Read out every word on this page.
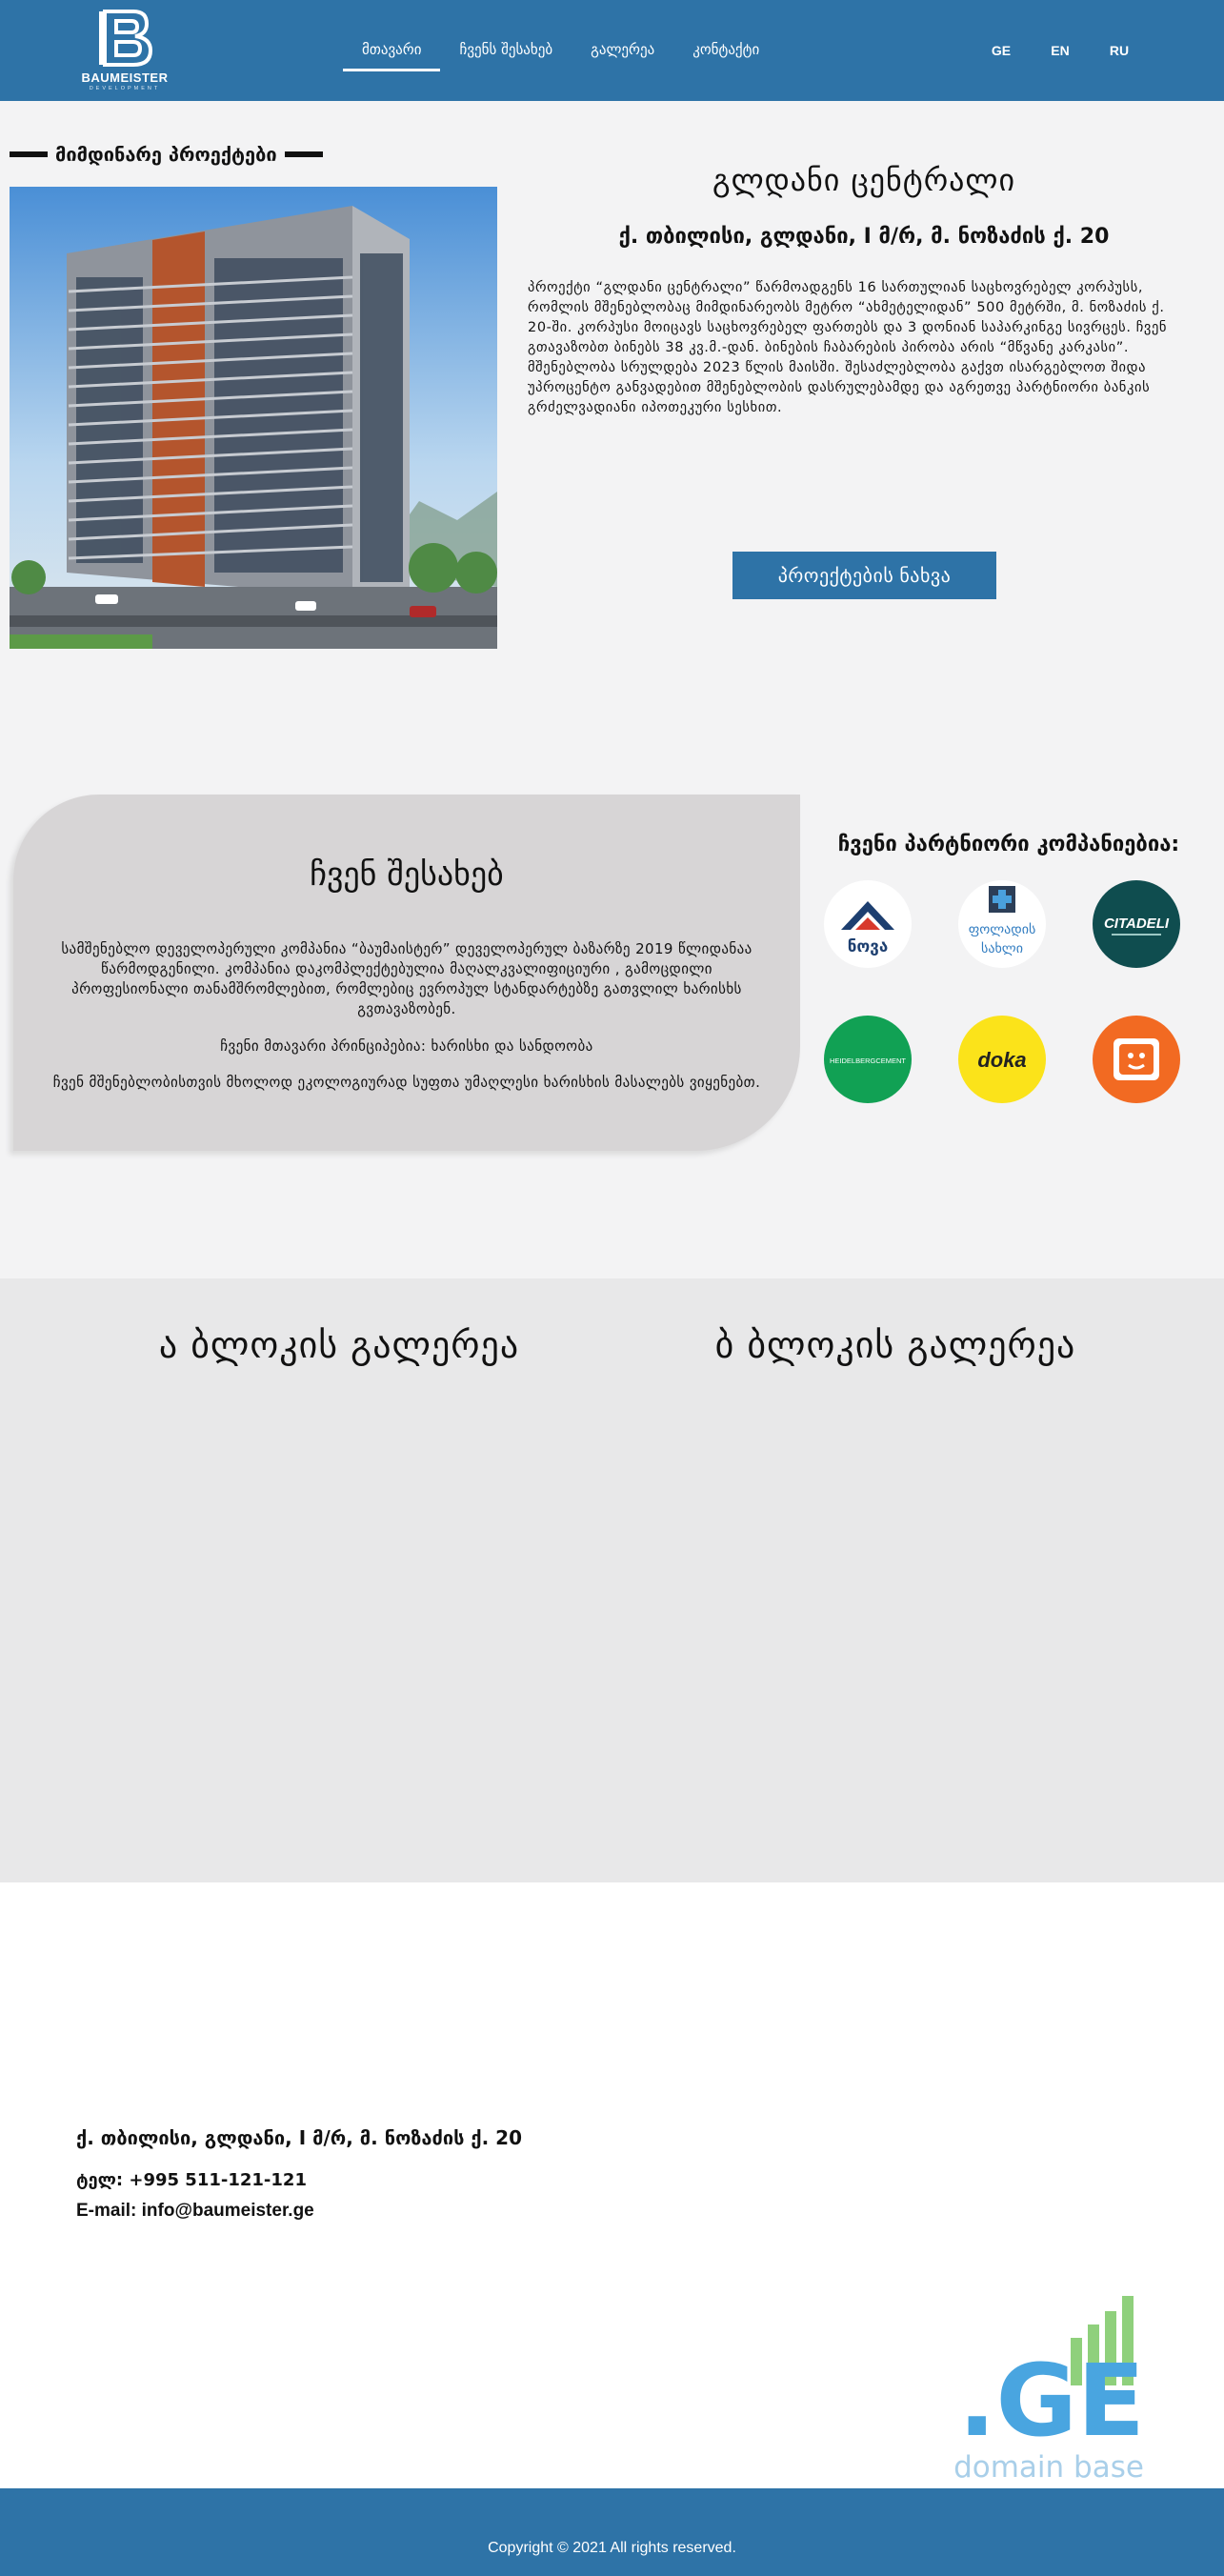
BAUMEISTER
DEVELOPMENT
მთავარი	ჩვენს შესახებ	გალერეა	კონტაქტი	GE	EN	RU
მიმდინარე პროექტები
გლდანი ცენტრალი
ქ. თბილისი, გლდანი, I მ/რ, მ. ნოზაძის ქ. 20
პროექტი “გლდანი ცენტრალი” წარმოადგენს 16 სართულიან საცხოვრებელ კორპუსს, რომლის მშენებლობაც მიმდინარეობს მეტრო “ახმეტელიდან” 500 მეტრში, მ. ნოზაძის ქ. 20-ში. კორპუსი მოიცავს საცხოვრებელ ფართებს და 3 დონიან საპარკინგე სივრცეს. ჩვენ გთავაზობთ ბინებს 38 კვ.მ.-დან. ბინების ჩაბარების პირობა არის “მწვანე კარკასი”. მშენებლობა სრულდება 2023 წლის მაისში. შესაძლებლობა გაქვთ ისარგებლოთ შიდა უპროცენტო განვადებით მშენებლობის დასრულებამდე და აგრეთვე პარტნიორი ბანკის გრძელვადიანი იპოთეკური სესხით.
პროექტების ნახვა
ჩვენ შესახებ
სამშენებლო დეველოპერული კომპანია “ბაუმაისტერ” დეველოპერულ ბაზარზე 2019 წლიდანაა წარმოდგენილი. კომპანია დაკომპლექტებულია მაღალკვალიფიციური , გამოცდილი პროფესიონალი თანამშრომლებით, რომლებიც ევროპულ სტანდარტებზე გათვლილ ხარისხს გვთავაზობენ.
ჩვენი მთავარი პრინციპებია: ხარისხი და სანდოობა
ჩვენ მშენებლობისთვის მხოლოდ ეკოლოგიურად სუფთა უმაღლესი ხარისხის მასალებს ვიყენებთ.
ჩვენი პარტნიორი კომპანიებია:
ნოვა
ფოლადის
სახლი
CITADELI
HEIDELBERGCEMENT	doka
ა ბლოკის გალერეა	ბ ბლოკის გალერეა
ქ. თბილისი, გლდანი, I მ/რ, მ. ნოზაძის ქ. 20
ტელ: +995 511-121-121
E-mail: info@baumeister.ge
.GE
domain base
Copyright © 2021 All rights reserved.
